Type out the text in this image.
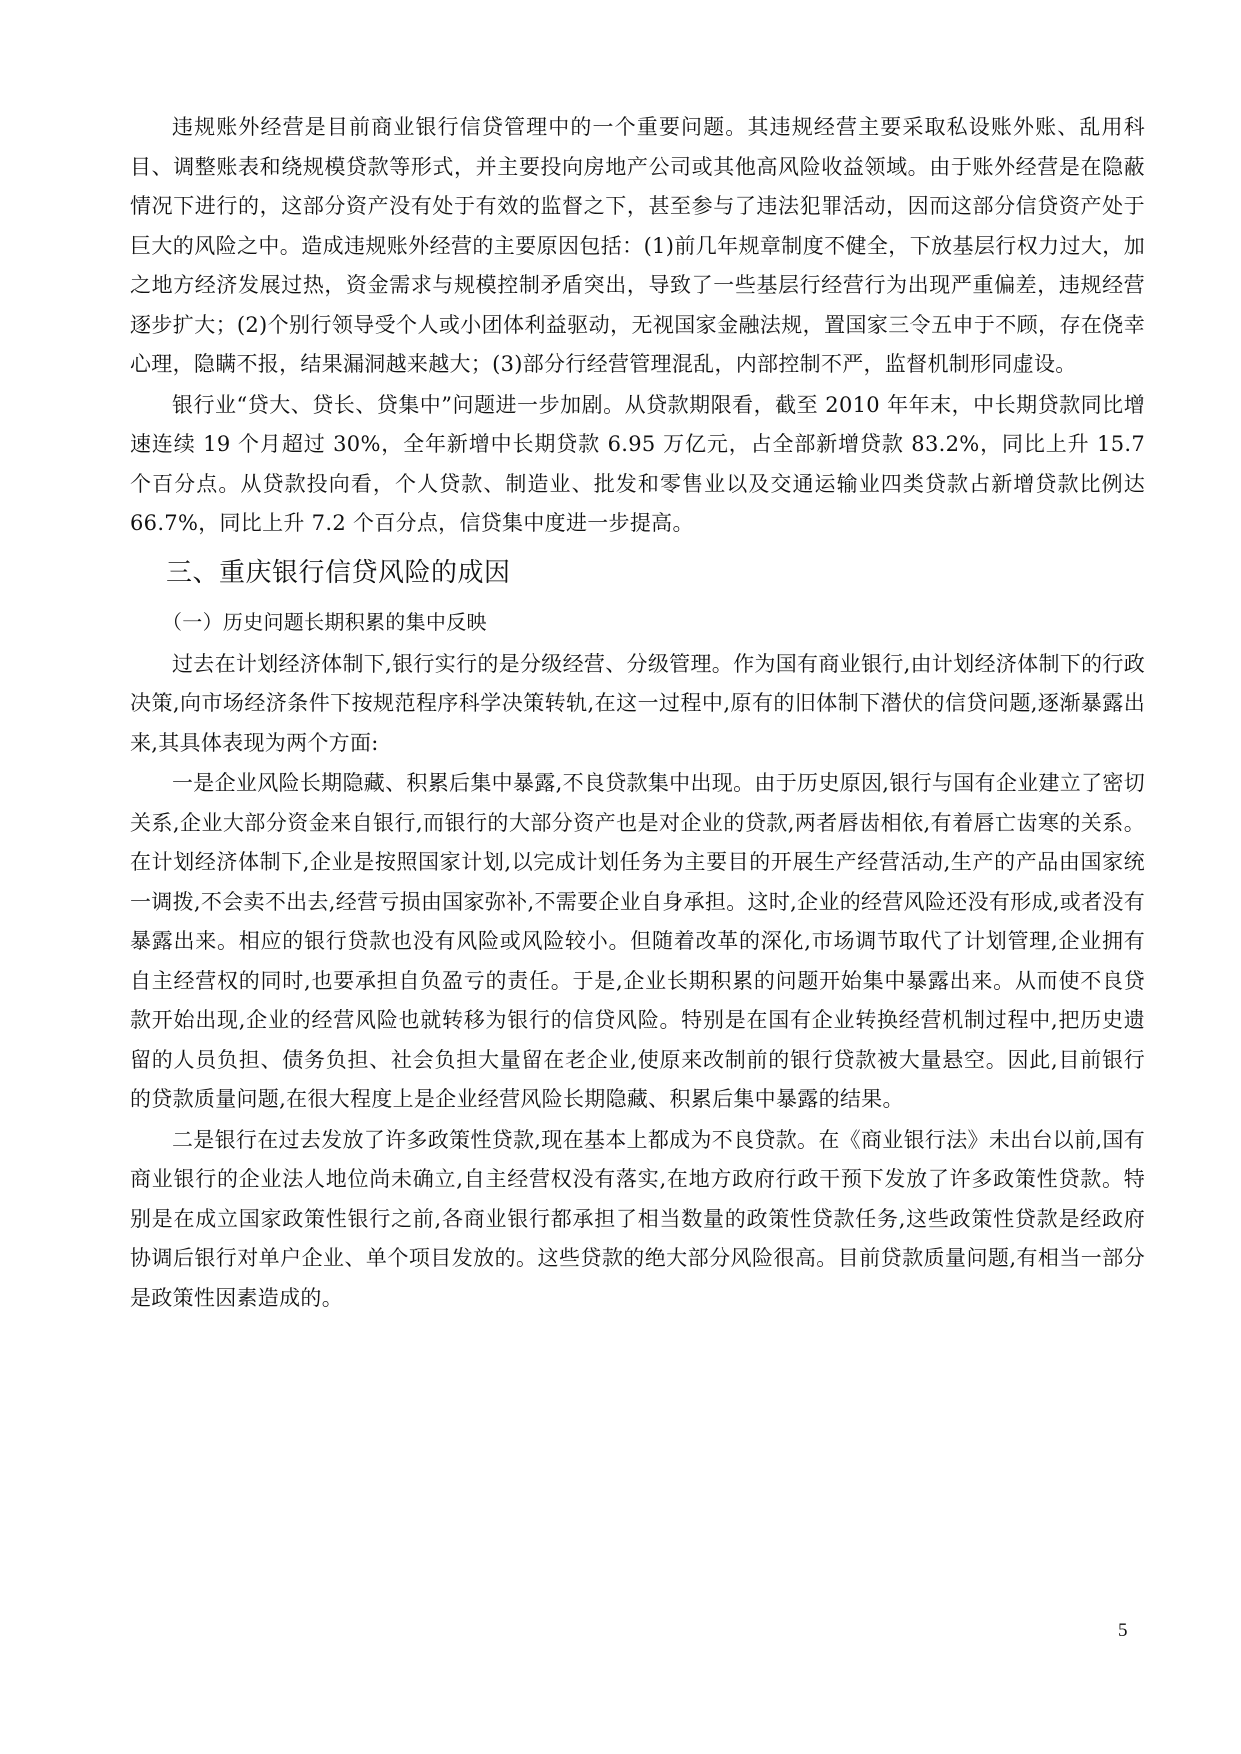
违规账外经营是目前商业银行信贷管理中的一个重要问题。其违规经营主要采取私设账外账、乱用科目、调整账表和绕规模贷款等形式，并主要投向房地产公司或其他高风险收益领域。由于账外经营是在隐蔽情况下进行的，这部分资产没有处于有效的监督之下，甚至参与了违法犯罪活动，因而这部分信贷资产处于巨大的风险之中。造成违规账外经营的主要原因包括：(1)前几年规章制度不健全，下放基层行权力过大，加之地方经济发展过热，资金需求与规模控制矛盾突出，导致了一些基层行经营行为出现严重偏差，违规经营逐步扩大；(2)个别行领导受个人或小团体利益驱动，无视国家金融法规，置国家三令五申于不顾，存在侥幸心理，隐瞒不报，结果漏洞越来越大；(3)部分行经营管理混乱，内部控制不严，监督机制形同虚设。

银行业“贷大、贷长、贷集中”问题进一步加剧。从贷款期限看，截至 2010 年年末，中长期贷款同比增速连续 19 个月超过 30%，全年新增中长期贷款 6.95 万亿元，占全部新增贷款 83.2%，同比上升 15.7 个百分点。从贷款投向看，个人贷款、制造业、批发和零售业以及交通运输业四类贷款占新增贷款比例达 66.7%，同比上升 7.2 个百分点，信贷集中度进一步提高。

三、重庆银行信贷风险的成因
（一）历史问题长期积累的集中反映

过去在计划经济体制下,银行实行的是分级经营、分级管理。作为国有商业银行,由计划经济体制下的行政决策,向市场经济条件下按规范程序科学决策转轨,在这一过程中,原有的旧体制下潜伏的信贷问题,逐渐暴露出来,其具体表现为两个方面:

一是企业风险长期隐藏、积累后集中暴露,不良贷款集中出现。由于历史原因,银行与国有企业建立了密切关系,企业大部分资金来自银行,而银行的大部分资产也是对企业的贷款,两者唇齿相依,有着唇亡齿寒的关系。在计划经济体制下,企业是按照国家计划,以完成计划任务为主要目的开展生产经营活动,生产的产品由国家统一调拨,不会卖不出去,经营亏损由国家弥补,不需要企业自身承担。这时,企业的经营风险还没有形成,或者没有暴露出来。相应的银行贷款也没有风险或风险较小。但随着改革的深化,市场调节取代了计划管理,企业拥有自主经营权的同时,也要承担自负盈亏的责任。于是,企业长期积累的问题开始集中暴露出来。从而使不良贷款开始出现,企业的经营风险也就转移为银行的信贷风险。特别是在国有企业转换经营机制过程中,把历史遗留的人员负担、债务负担、社会负担大量留在老企业,使原来改制前的银行贷款被大量悬空。因此,目前银行的贷款质量问题,在很大程度上是企业经营风险长期隐藏、积累后集中暴露的结果。

二是银行在过去发放了许多政策性贷款,现在基本上都成为不良贷款。在《商业银行法》未出台以前,国有商业银行的企业法人地位尚未确立,自主经营权没有落实,在地方政府行政干预下发放了许多政策性贷款。特别是在成立国家政策性银行之前,各商业银行都承担了相当数量的政策性贷款任务,这些政策性贷款是经政府协调后银行对单户企业、单个项目发放的。这些贷款的绝大部分风险很高。目前贷款质量问题,有相当一部分是政策性因素造成的。

5
